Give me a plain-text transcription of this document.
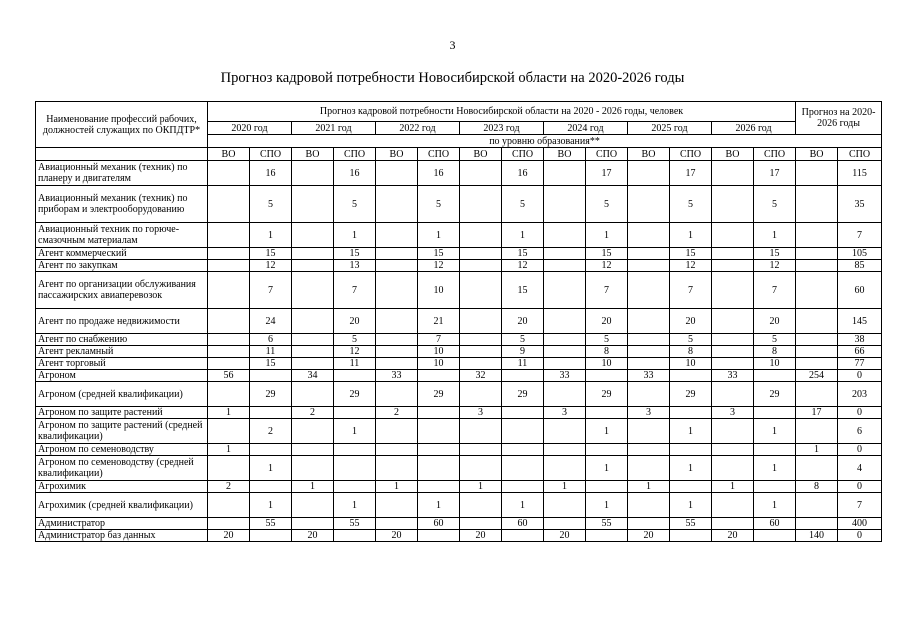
3
Прогноз кадровой потребности Новосибирской области на 2020-2026 годы
Наименование профессий рабочих, должностей служащих по ОКПДТР*	Прогноз кадровой потребности Новосибирской области на 2020 - 2026 годы, человек														Прогноз на 2020-2026 годы	
	2020 год		2021 год		2022 год		2023 год		2024 год		2025 год		2026 год			
	по уровню образования**															
	ВО	СПО	ВО	СПО	ВО	СПО	ВО	СПО	ВО	СПО	ВО	СПО	ВО	СПО	ВО	СПО
Авиационный механик (техник) по планеру и двигателям		16		16		16		16		17		17		17		115
Авиационный механик (техник) по приборам и электрооборудованию		5		5		5		5		5		5		5		35
Авиационный техник по горюче-смазочным материалам		1		1		1		1		1		1		1		7
Агент коммерческий		15		15		15		15		15		15		15		105
Агент по закупкам		12		13		12		12		12		12		12		85
Агент по организации обслуживания пассажирских авиаперевозок		7		7		10		15		7		7		7		60
Агент по продаже недвижимости		24		20		21		20		20		20		20		145
Агент по снабжению		6		5		7		5		5		5		5		38
Агент рекламный		11		12		10		9		8		8		8		66
Агент торговый		15		11		10		11		10		10		10		77
Агроном	56		34		33		32		33		33		33		254	0
Агроном (средней квалификации)		29		29		29		29		29		29		29		203
Агроном по защите растений	1		2		2		3		3		3		3		17	0
Агроном по защите растений (средней квалификации)		2		1						1		1		1		6
Агроном по семеноводству	1														1	0
Агроном по семеноводству (средней квалификации)		1								1		1		1		4
Агрохимик	2		1		1		1		1		1		1		8	0
Агрохимик (средней квалификации)		1		1		1		1		1		1		1		7
Администратор		55		55		60		60		55		55		60		400
Администратор баз данных	20		20		20		20		20		20		20		140	0
